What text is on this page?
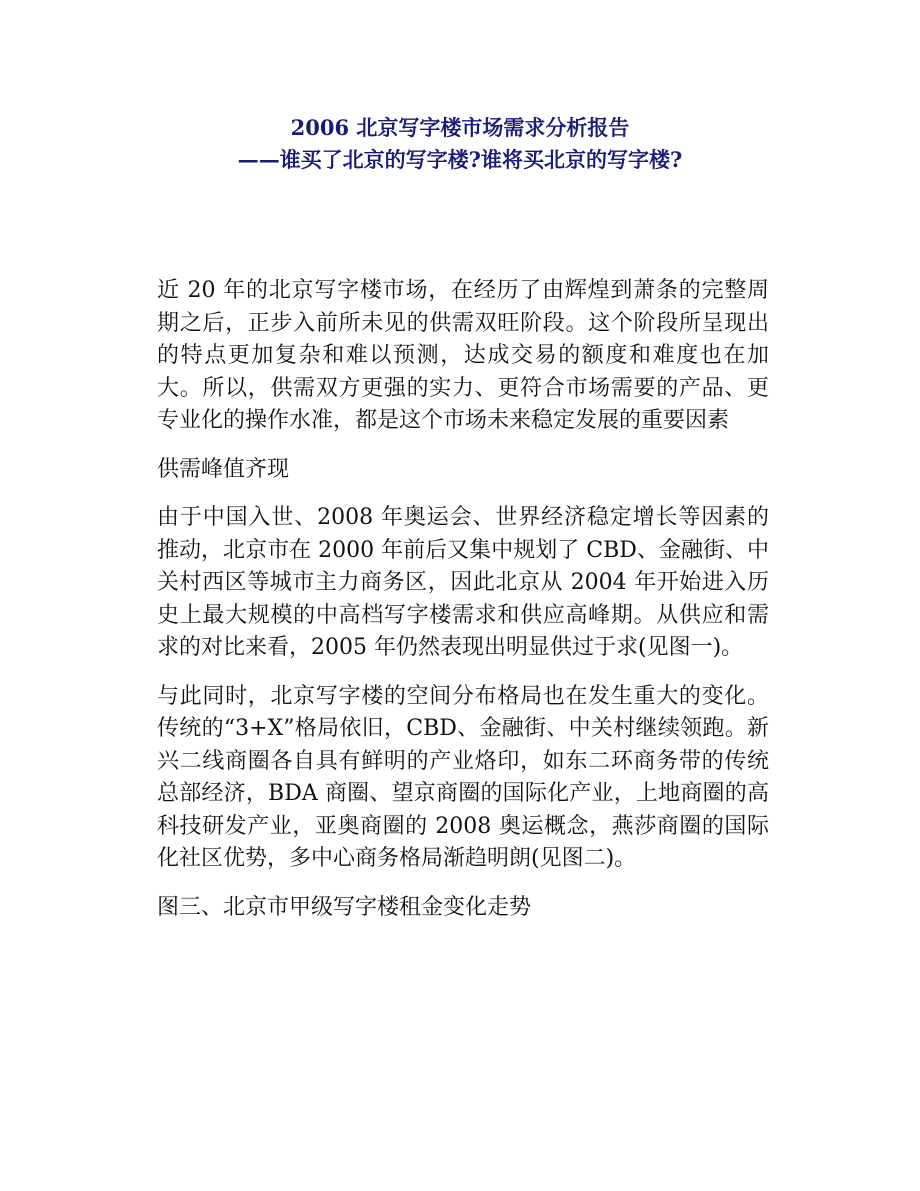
2006 北京写字楼市场需求分析报告
——谁买了北京的写字楼?谁将买北京的写字楼?

近 20 年的北京写字楼市场，在经历了由辉煌到萧条的完整周期之后，正步入前所未见的供需双旺阶段。这个阶段所呈现出的特点更加复杂和难以预测，达成交易的额度和难度也在加大。所以，供需双方更强的实力、更符合市场需要的产品、更专业化的操作水准，都是这个市场未来稳定发展的重要因素

供需峰值齐现

由于中国入世、2008 年奥运会、世界经济稳定增长等因素的推动，北京市在 2000 年前后又集中规划了 CBD、金融街、中关村西区等城市主力商务区，因此北京从 2004 年开始进入历史上最大规模的中高档写字楼需求和供应高峰期。从供应和需求的对比来看，2005 年仍然表现出明显供过于求(见图一)。

与此同时，北京写字楼的空间分布格局也在发生重大的变化。传统的“3+X”格局依旧，CBD、金融街、中关村继续领跑。新兴二线商圈各自具有鲜明的产业烙印，如东二环商务带的传统总部经济，BDA 商圈、望京商圈的国际化产业，上地商圈的高科技研发产业，亚奥商圈的 2008 奥运概念，燕莎商圈的国际化社区优势，多中心商务格局渐趋明朗(见图二)。

图三、北京市甲级写字楼租金变化走势
